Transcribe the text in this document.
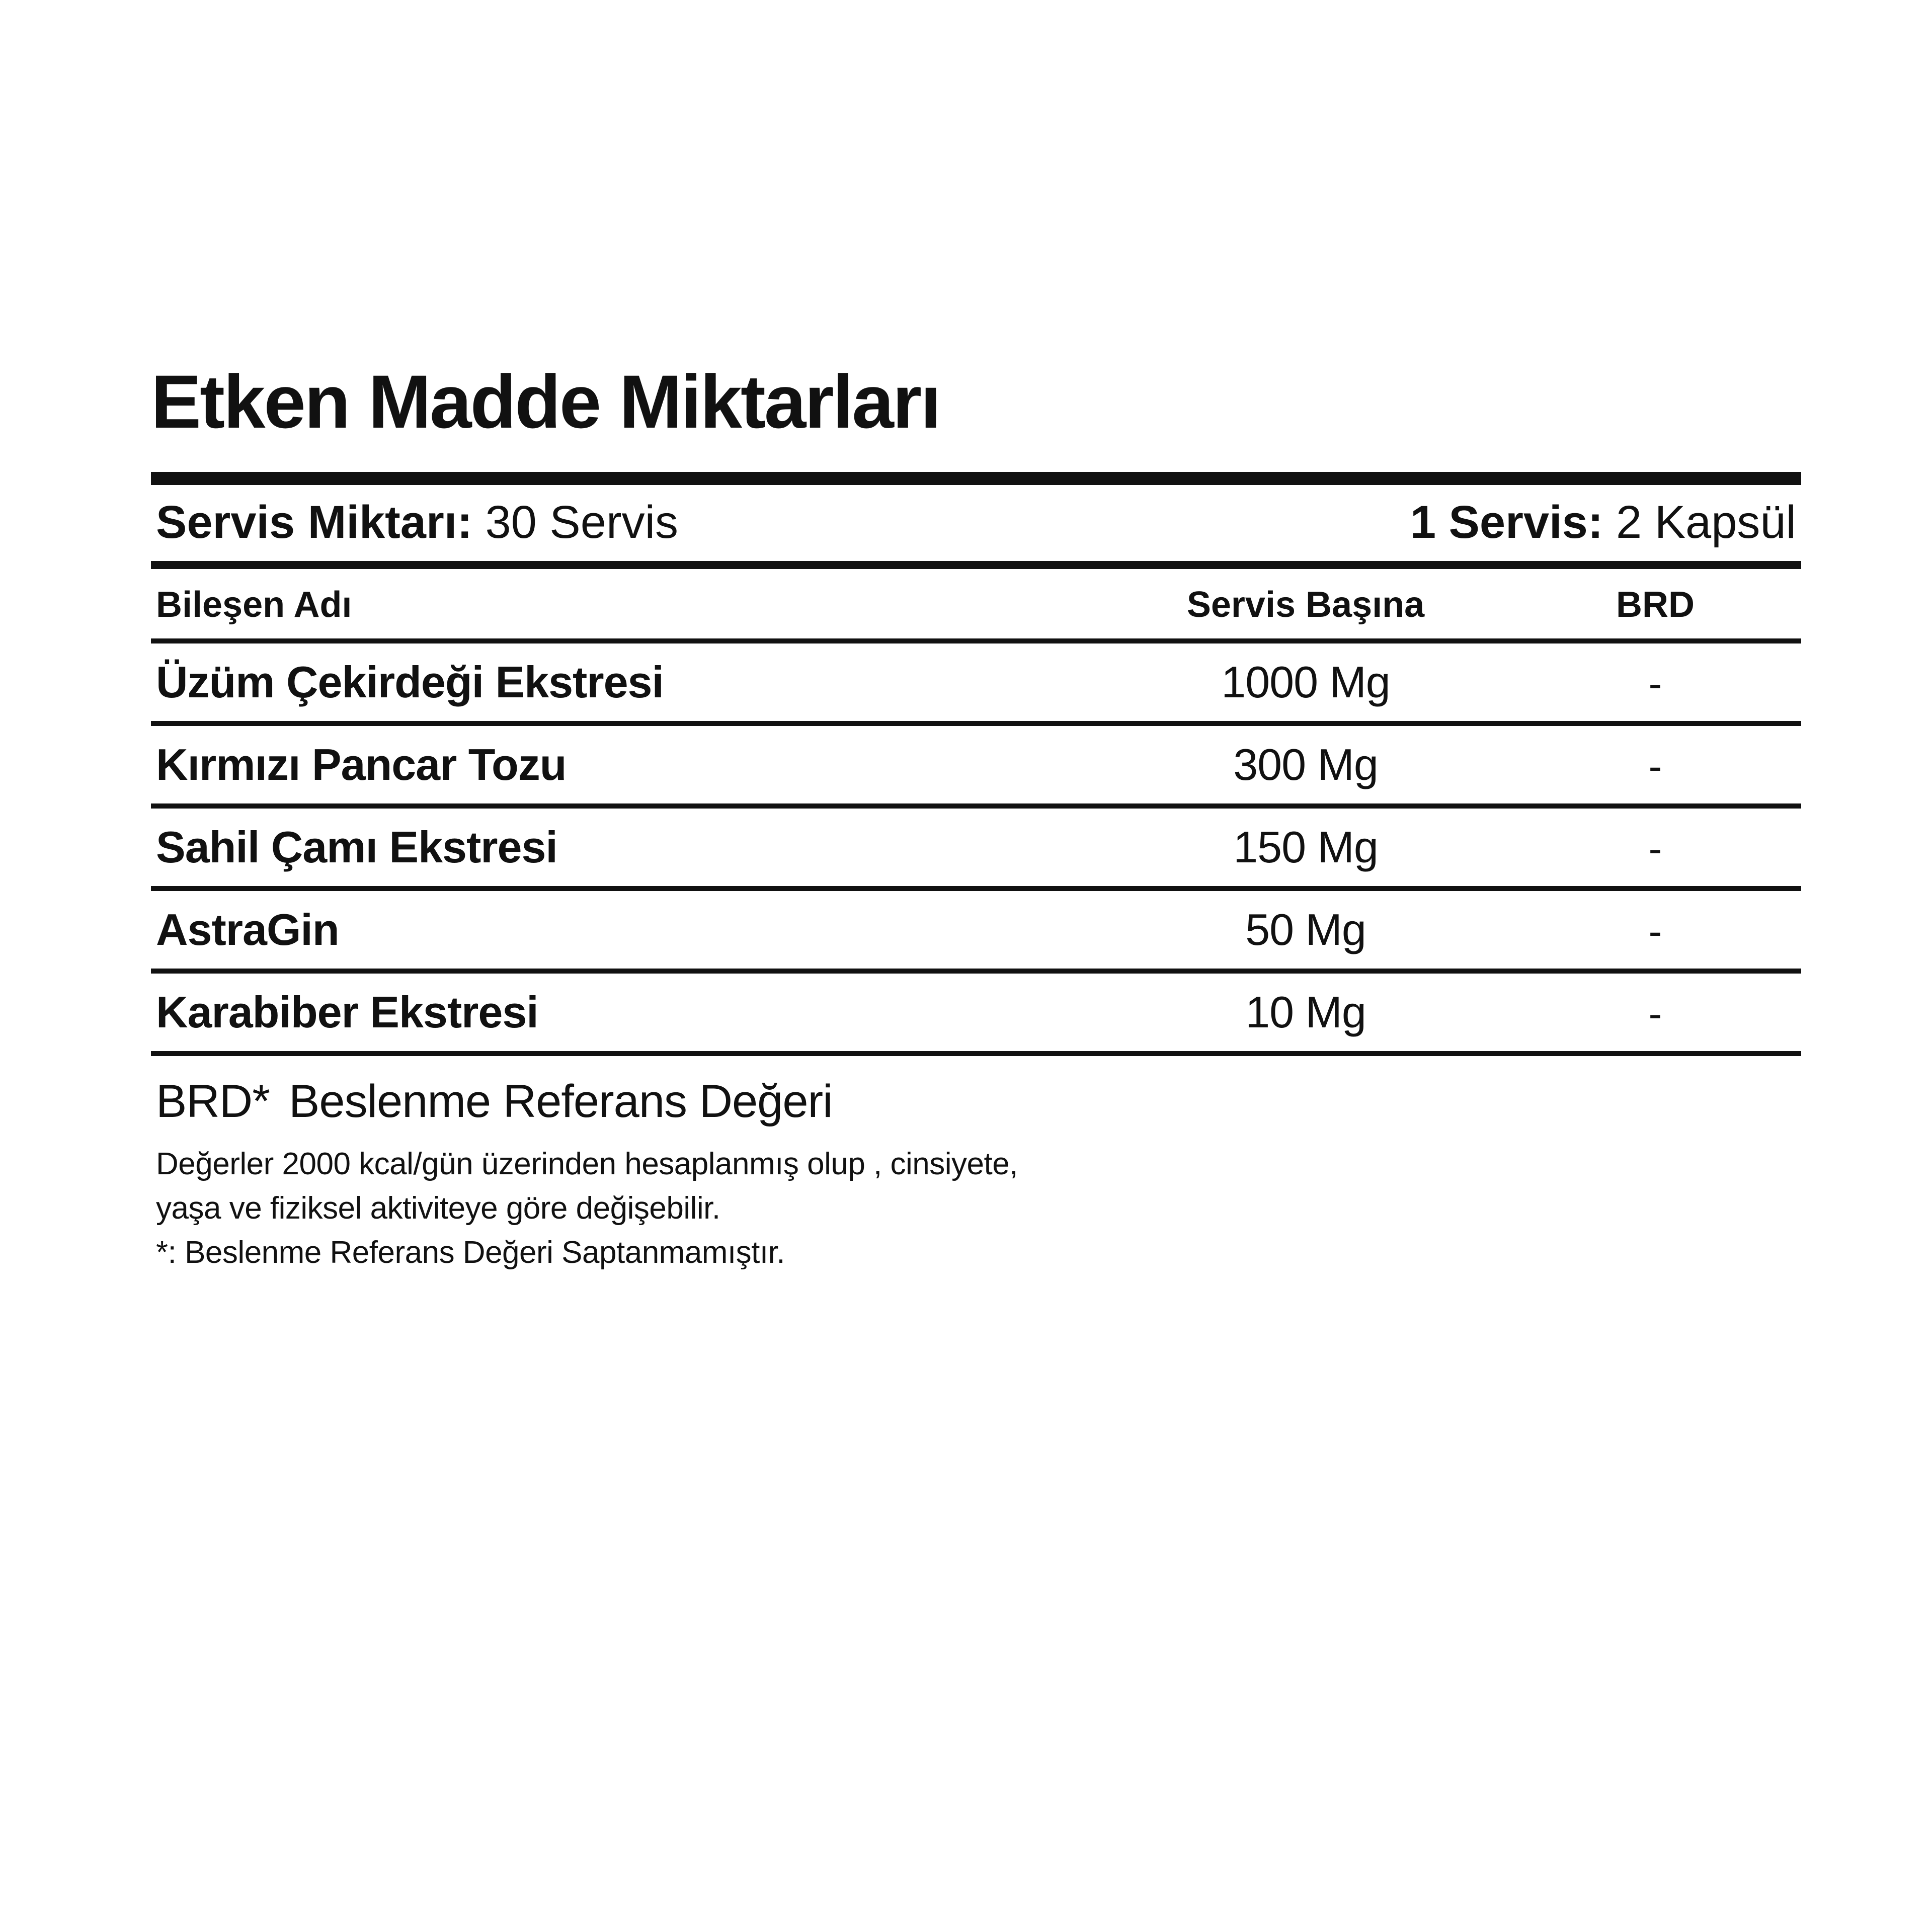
Etken Madde Miktarları
Servis Miktarı: 30 Servis	1 Servis: 2 Kapsül
Bileşen Adı	Servis Başına	BRD
Üzüm Çekirdeği Ekstresi	1000 Mg	-
Kırmızı Pancar Tozu	300 Mg	-
Sahil Çamı Ekstresi	150 Mg	-
AstraGin	50 Mg	-
Karabiber Ekstresi	10 Mg	-
BRD* Beslenme Referans Değeri
Değerler 2000 kcal/gün üzerinden hesaplanmış olup , cinsiyete,
yaşa ve fiziksel aktiviteye göre değişebilir.
*: Beslenme Referans Değeri Saptanmamıştır.
